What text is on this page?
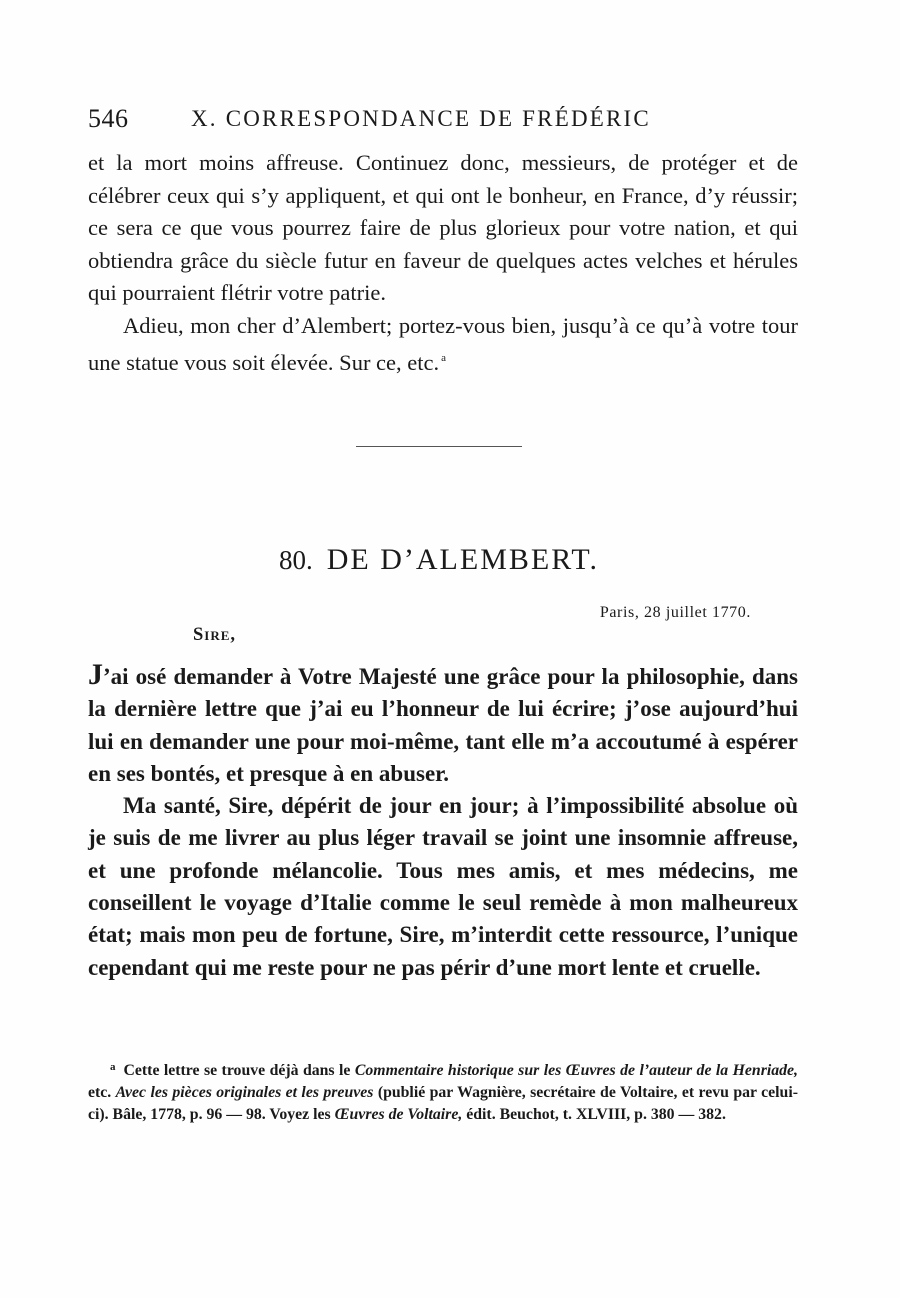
546	X. CORRESPONDANCE DE FRÉDÉRIC

et la mort moins affreuse. Continuez donc, messieurs, de protéger et de célébrer ceux qui s’y appliquent, et qui ont le bonheur, en France, d’y réussir; ce sera ce que vous pourrez faire de plus glorieux pour votre nation, et qui obtiendra grâce du siècle futur en faveur de quelques actes velches et hérules qui pourraient flétrir votre patrie.

Adieu, mon cher d’Alembert; portez-vous bien, jusqu’à ce qu’à votre tour une statue vous soit élevée. Sur ce, etc. $^a$

80. DE D’ALEMBERT.
Paris, 28 juillet 1770.
Sire,

J’ai osé demander à Votre Majesté une grâce pour la philosophie, dans la dernière lettre que j’ai eu l’honneur de lui écrire; j’ose aujourd’hui lui en demander une pour moi-même, tant elle m’a accoutumé à espérer en ses bontés, et presque à en abuser.

Ma santé, Sire, dépérit de jour en jour; à l’impossibilité absolue où je suis de me livrer au plus léger travail se joint une insomnie affreuse, et une profonde mélancolie. Tous mes amis, et mes médecins, me conseillent le voyage d’Italie comme le seul remède à mon malheureux état; mais mon peu de fortune, Sire, m’interdit cette ressource, l’unique cependant qui me reste pour ne pas périr d’une mort lente et cruelle.

$^a$ Cette lettre se trouve déjà dans le Commentaire historique sur les Œuvres de l’auteur de la Henriade, etc. Avec les pièces originales et les preuves (publié par Wagnière, secrétaire de Voltaire, et revu par celui-ci). Bâle, 1778, p. 96 — 98. Voyez les Œuvres de Voltaire, édit. Beuchot, t. XLVIII, p. 380 — 382.
